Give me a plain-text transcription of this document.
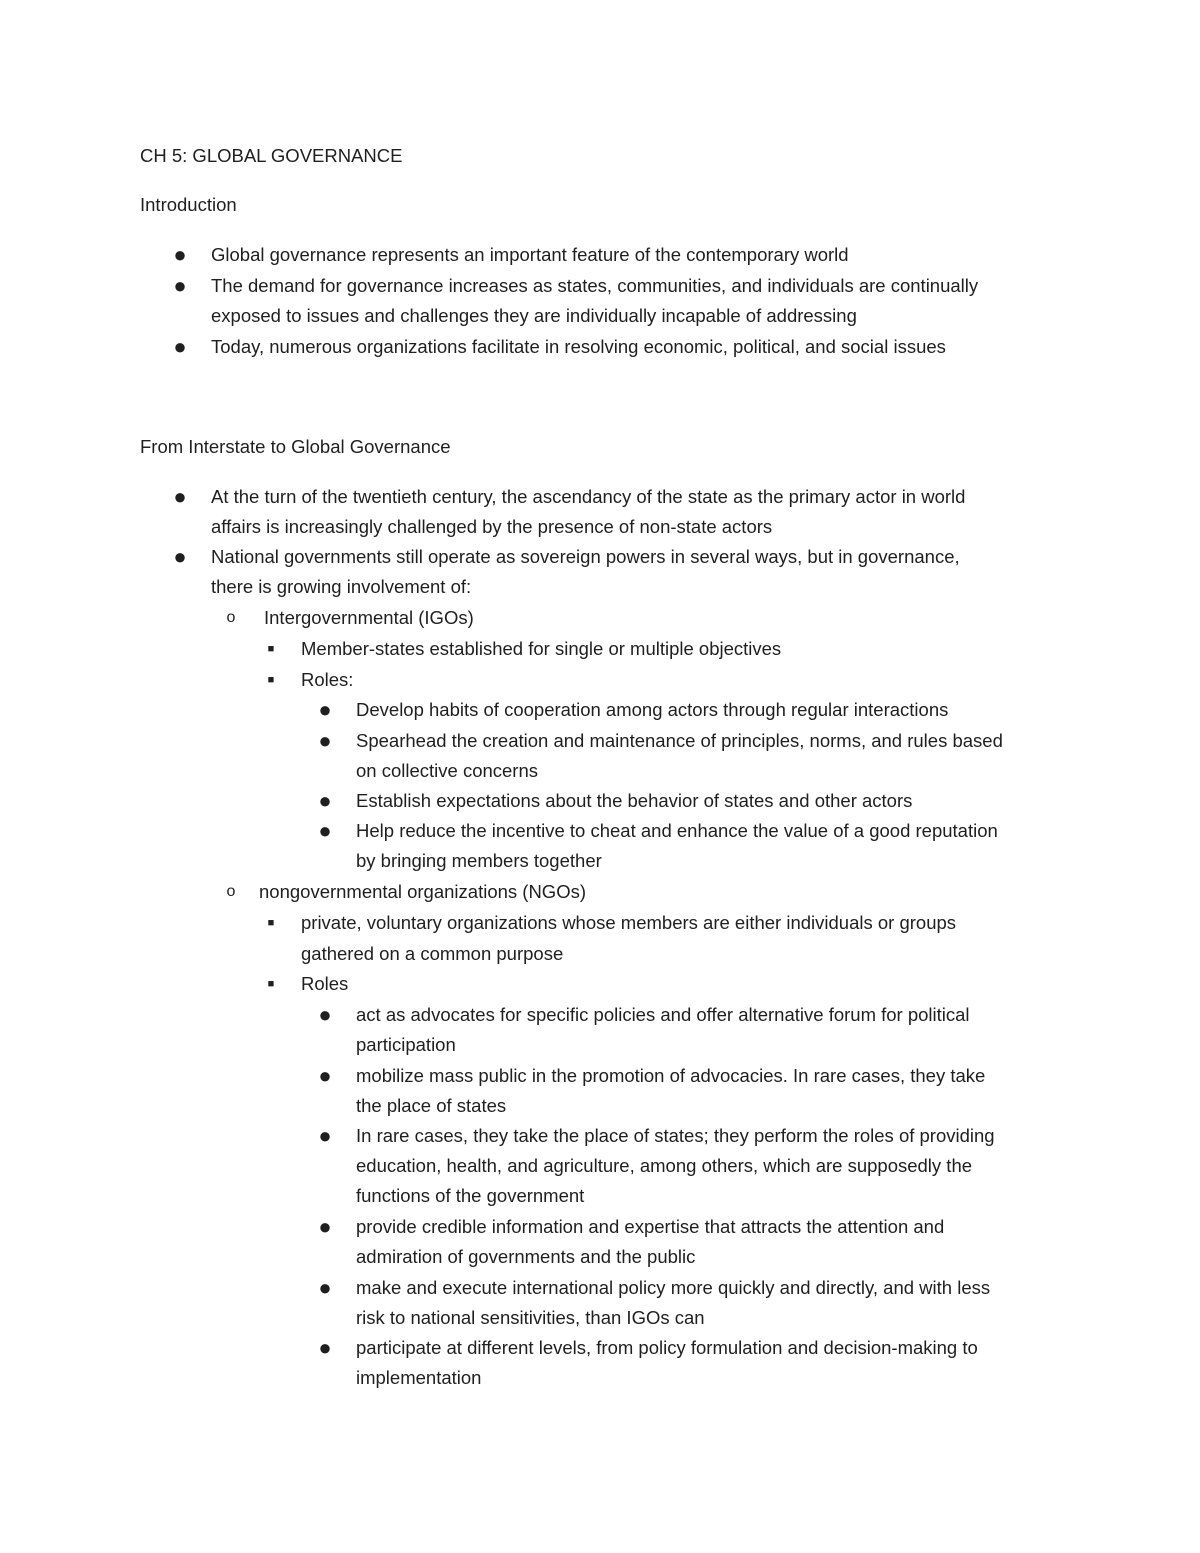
CH 5: GLOBAL GOVERNANCE
Introduction
● Global governance represents an important feature of the contemporary world
● The demand for governance increases as states, communities, and individuals are continually
exposed to issues and challenges they are individually incapable of addressing
● Today, numerous organizations facilitate in resolving economic, political, and social issues
From Interstate to Global Governance
● At the turn of the twentieth century, the ascendancy of the state as the primary actor in world
affairs is increasingly challenged by the presence of non-state actors
● National governments still operate as sovereign powers in several ways, but in governance,
there is growing involvement of:
o Intergovernmental (IGOs)
■ Member-states established for single or multiple objectives
■ Roles:
● Develop habits of cooperation among actors through regular interactions
● Spearhead the creation and maintenance of principles, norms, and rules based
on collective concerns
● Establish expectations about the behavior of states and other actors
● Help reduce the incentive to cheat and enhance the value of a good reputation
by bringing members together
o nongovernmental organizations (NGOs)
■ private, voluntary organizations whose members are either individuals or groups
gathered on a common purpose
■ Roles
● act as advocates for specific policies and offer alternative forum for political
participation
● mobilize mass public in the promotion of advocacies. In rare cases, they take
the place of states
● In rare cases, they take the place of states; they perform the roles of providing
education, health, and agriculture, among others, which are supposedly the
functions of the government
● provide credible information and expertise that attracts the attention and
admiration of governments and the public
● make and execute international policy more quickly and directly, and with less
risk to national sensitivities, than IGOs can
● participate at different levels, from policy formulation and decision-making to
implementation
